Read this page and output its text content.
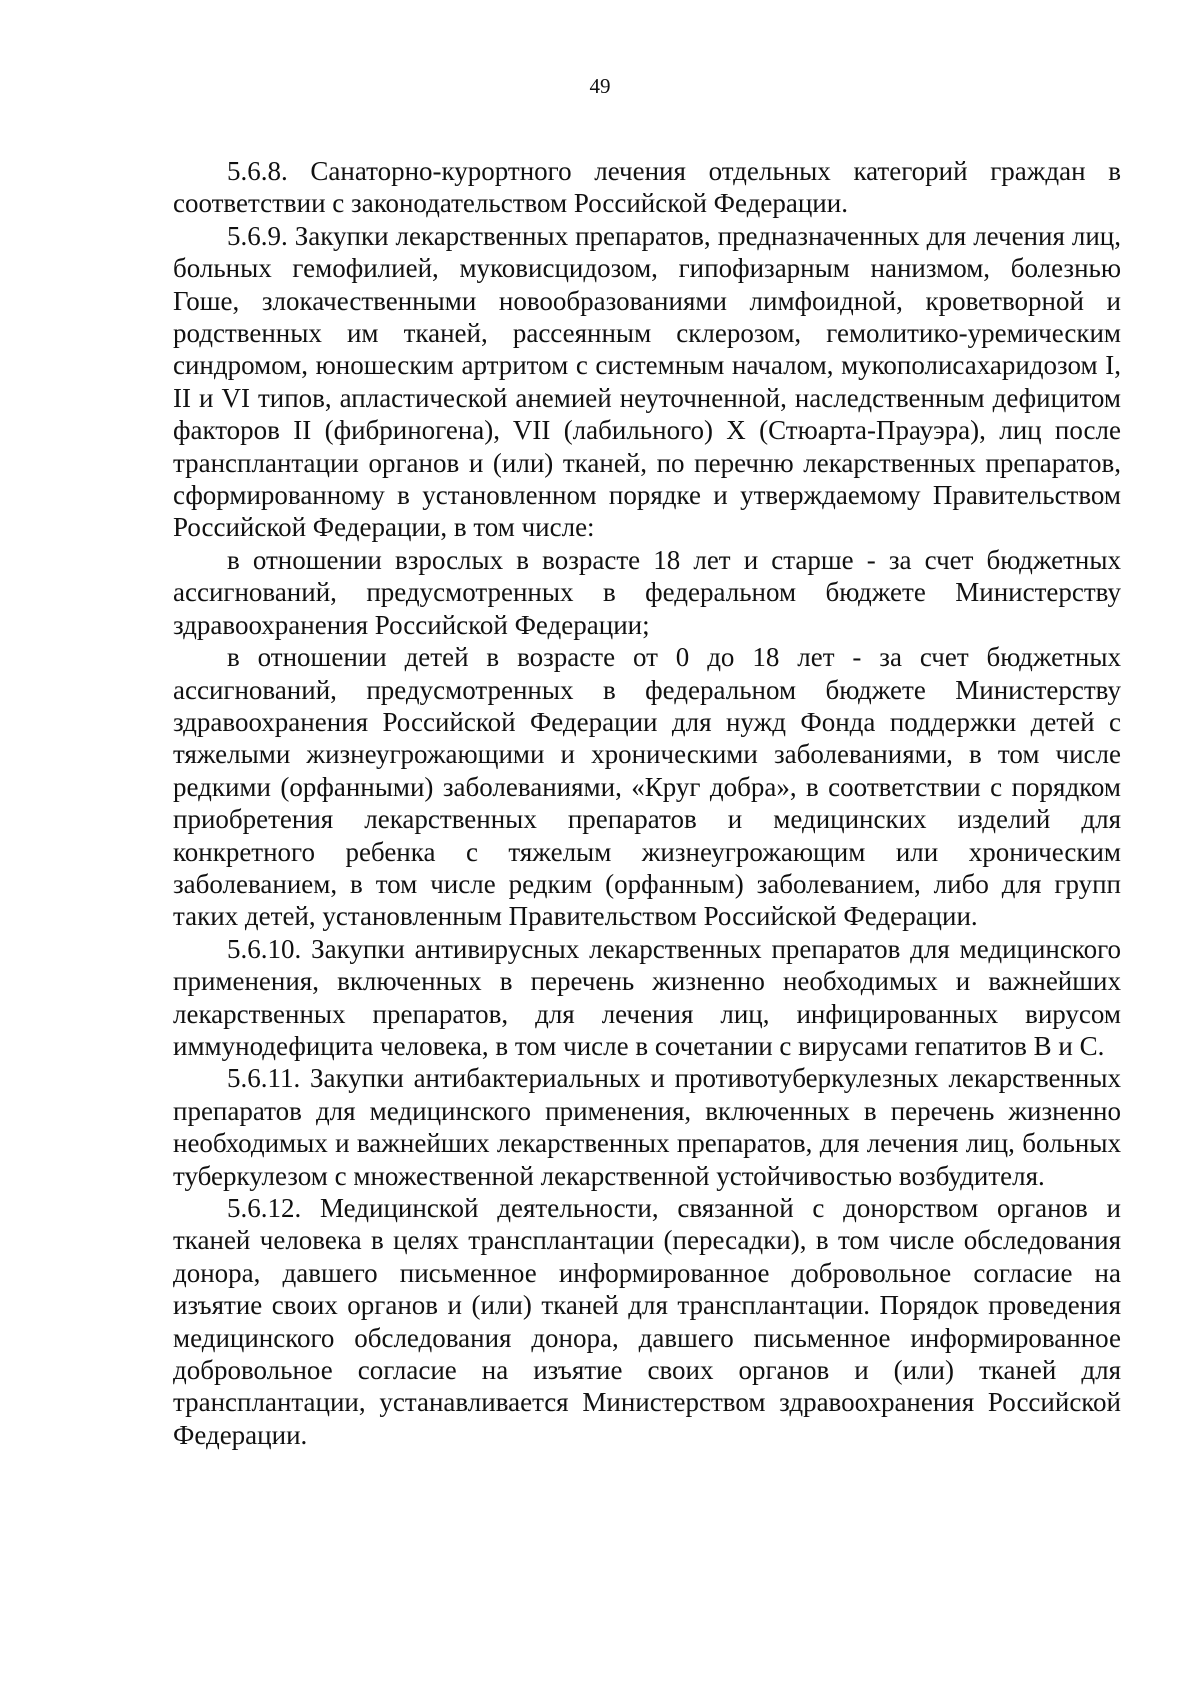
49

5.6.8. Санаторно-курортного лечения отдельных категорий граждан в соответствии с законодательством Российской Федерации.

5.6.9. Закупки лекарственных препаратов, предназначенных для лечения лиц, больных гемофилией, муковисцидозом, гипофизарным нанизмом, болезнью Гоше, злокачественными новообразованиями лимфоидной, кроветворной и родственных им тканей, рассеянным склерозом, гемолитико-уремическим синдромом, юношеским артритом с системным началом, мукополисахаридозом I, II и VI типов, апластической анемией неуточненной, наследственным дефицитом факторов II (фибриногена), VII (лабильного) X (Стюарта-Прауэра), лиц после трансплантации органов и (или) тканей, по перечню лекарственных препаратов, сформированному в установленном порядке и утверждаемому Правительством Российской Федерации, в том числе:

в отношении взрослых в возрасте 18 лет и старше - за счет бюджетных ассигнований, предусмотренных в федеральном бюджете Министерству здравоохранения Российской Федерации;

в отношении детей в возрасте от 0 до 18 лет - за счет бюджетных ассигнований, предусмотренных в федеральном бюджете Министерству здравоохранения Российской Федерации для нужд Фонда поддержки детей с тяжелыми жизнеугрожающими и хроническими заболеваниями, в том числе редкими (орфанными) заболеваниями, «Круг добра», в соответствии с порядком приобретения лекарственных препаратов и медицинских изделий для конкретного ребенка с тяжелым жизнеугрожающим или хроническим заболеванием, в том числе редким (орфанным) заболеванием, либо для групп таких детей, установленным Правительством Российской Федерации.

5.6.10. Закупки антивирусных лекарственных препаратов для медицинского применения, включенных в перечень жизненно необходимых и важнейших лекарственных препаратов, для лечения лиц, инфицированных вирусом иммунодефицита человека, в том числе в сочетании с вирусами гепатитов B и C.

5.6.11. Закупки антибактериальных и противотуберкулезных лекарственных препаратов для медицинского применения, включенных в перечень жизненно необходимых и важнейших лекарственных препаратов, для лечения лиц, больных туберкулезом с множественной лекарственной устойчивостью возбудителя.

5.6.12. Медицинской деятельности, связанной с донорством органов и тканей человека в целях трансплантации (пересадки), в том числе обследования донора, давшего письменное информированное добровольное согласие на изъятие своих органов и (или) тканей для трансплантации. Порядок проведения медицинского обследования донора, давшего письменное информированное добровольное согласие на изъятие своих органов и (или) тканей для трансплантации, устанавливается Министерством здравоохранения Российской Федерации.
